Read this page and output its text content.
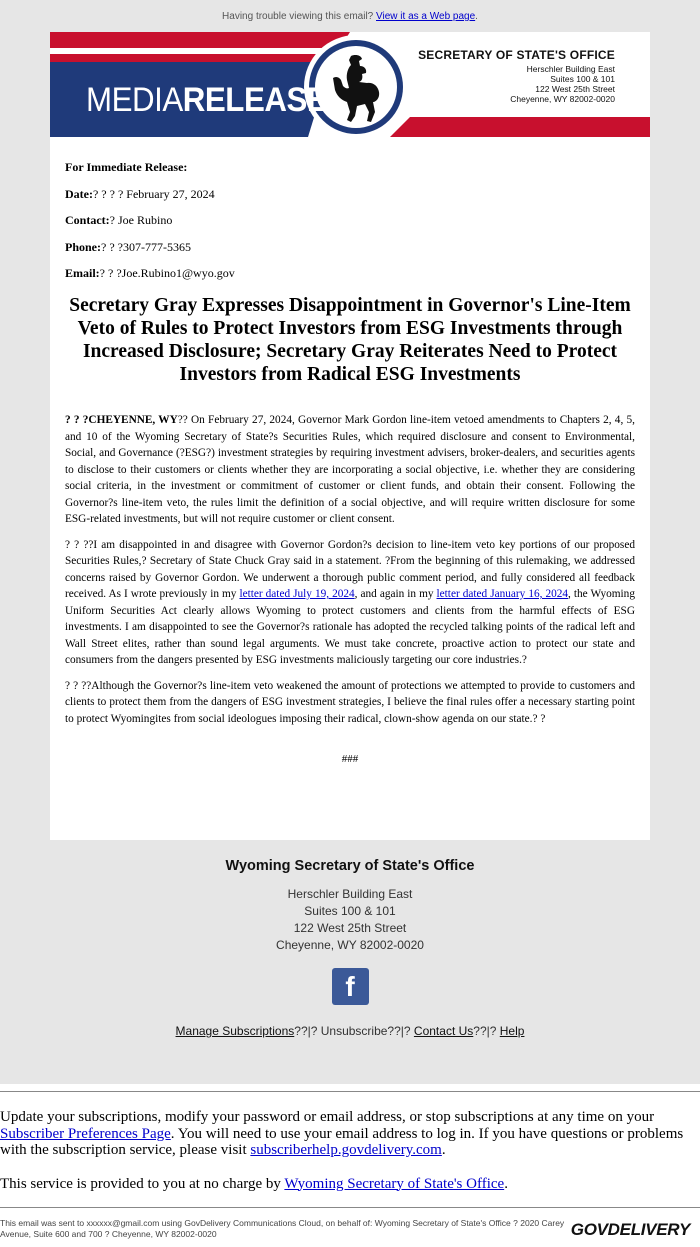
Having trouble viewing this email? View it as a Web page.
MEDIARELEASE
SECRETARY OF STATE'S OFFICE
Herschler Building East
Suites 100 & 101
122 West 25th Street
Cheyenne, WY 82002-0020

For Immediate Release:

Date:? ? ? ? February 27, 2024

Contact:? Joe Rubino

Phone:? ? ?307-777-5365

Email:? ? ?Joe.Rubino1@wyo.gov

Secretary Gray Expresses Disappointment in Governor's Line-Item Veto of Rules to Protect Investors from ESG Investments through Increased Disclosure; Secretary Gray Reiterates Need to Protect Investors from Radical ESG Investments

? ? ?CHEYENNE, WY?? On February 27, 2024, Governor Mark Gordon line-item vetoed amendments to Chapters 2, 4, 5, and 10 of the Wyoming Secretary of State?s Securities Rules, which required disclosure and consent to Environmental, Social, and Governance (?ESG?) investment strategies by requiring investment advisers, broker-dealers, and securities agents to disclose to their customers or clients whether they are incorporating a social objective, i.e. whether they are considering social criteria, in the investment or commitment of customer or client funds, and obtain their consent. Following the Governor?s line-item veto, the rules limit the definition of a social objective, and will require written disclosure for some ESG-related investments, but will not require customer or client consent.

? ? ??I am disappointed in and disagree with Governor Gordon?s decision to line-item veto key portions of our proposed Securities Rules,? Secretary of State Chuck Gray said in a statement. ?From the beginning of this rulemaking, we addressed concerns raised by Governor Gordon. We underwent a thorough public comment period, and fully considered all feedback received. As I wrote previously in my letter dated July 19, 2024, and again in my letter dated January 16, 2024, the Wyoming Uniform Securities Act clearly allows Wyoming to protect customers and clients from the harmful effects of ESG investments. I am disappointed to see the Governor?s rationale has adopted the recycled talking points of the radical left and Wall Street elites, rather than sound legal arguments. We must take concrete, proactive action to protect our state and consumers from the dangers presented by ESG investments maliciously targeting our core industries.?

? ? ??Although the Governor?s line-item veto weakened the amount of protections we attempted to provide to customers and clients to protect them from the dangers of ESG investment strategies, I believe the final rules offer a necessary starting point to protect Wyomingites from social ideologues imposing their radical, clown-show agenda on our state.? ?

###
Wyoming Secretary of State's Office
Herschler Building East
Suites 100 & 101
122 West 25th Street
Cheyenne, WY 82002-0020
f
Manage Subscriptions??|? Unsubscribe??|? Contact Us??|? Help

Update your subscriptions, modify your password or email address, or stop subscriptions at any time on your Subscriber Preferences Page. You will need to use your email address to log in. If you have questions or problems with the subscription service, please visit subscriberhelp.govdelivery.com.

This service is provided to you at no charge by Wyoming Secretary of State's Office.

This email was sent to xxxxxx@gmail.com using GovDelivery Communications Cloud, on behalf of: Wyoming Secretary of State's Office ? 2020 Carey Avenue, Suite 600 and 700 ? Cheyenne, WY 82002-0020	GOVDELIVERY
